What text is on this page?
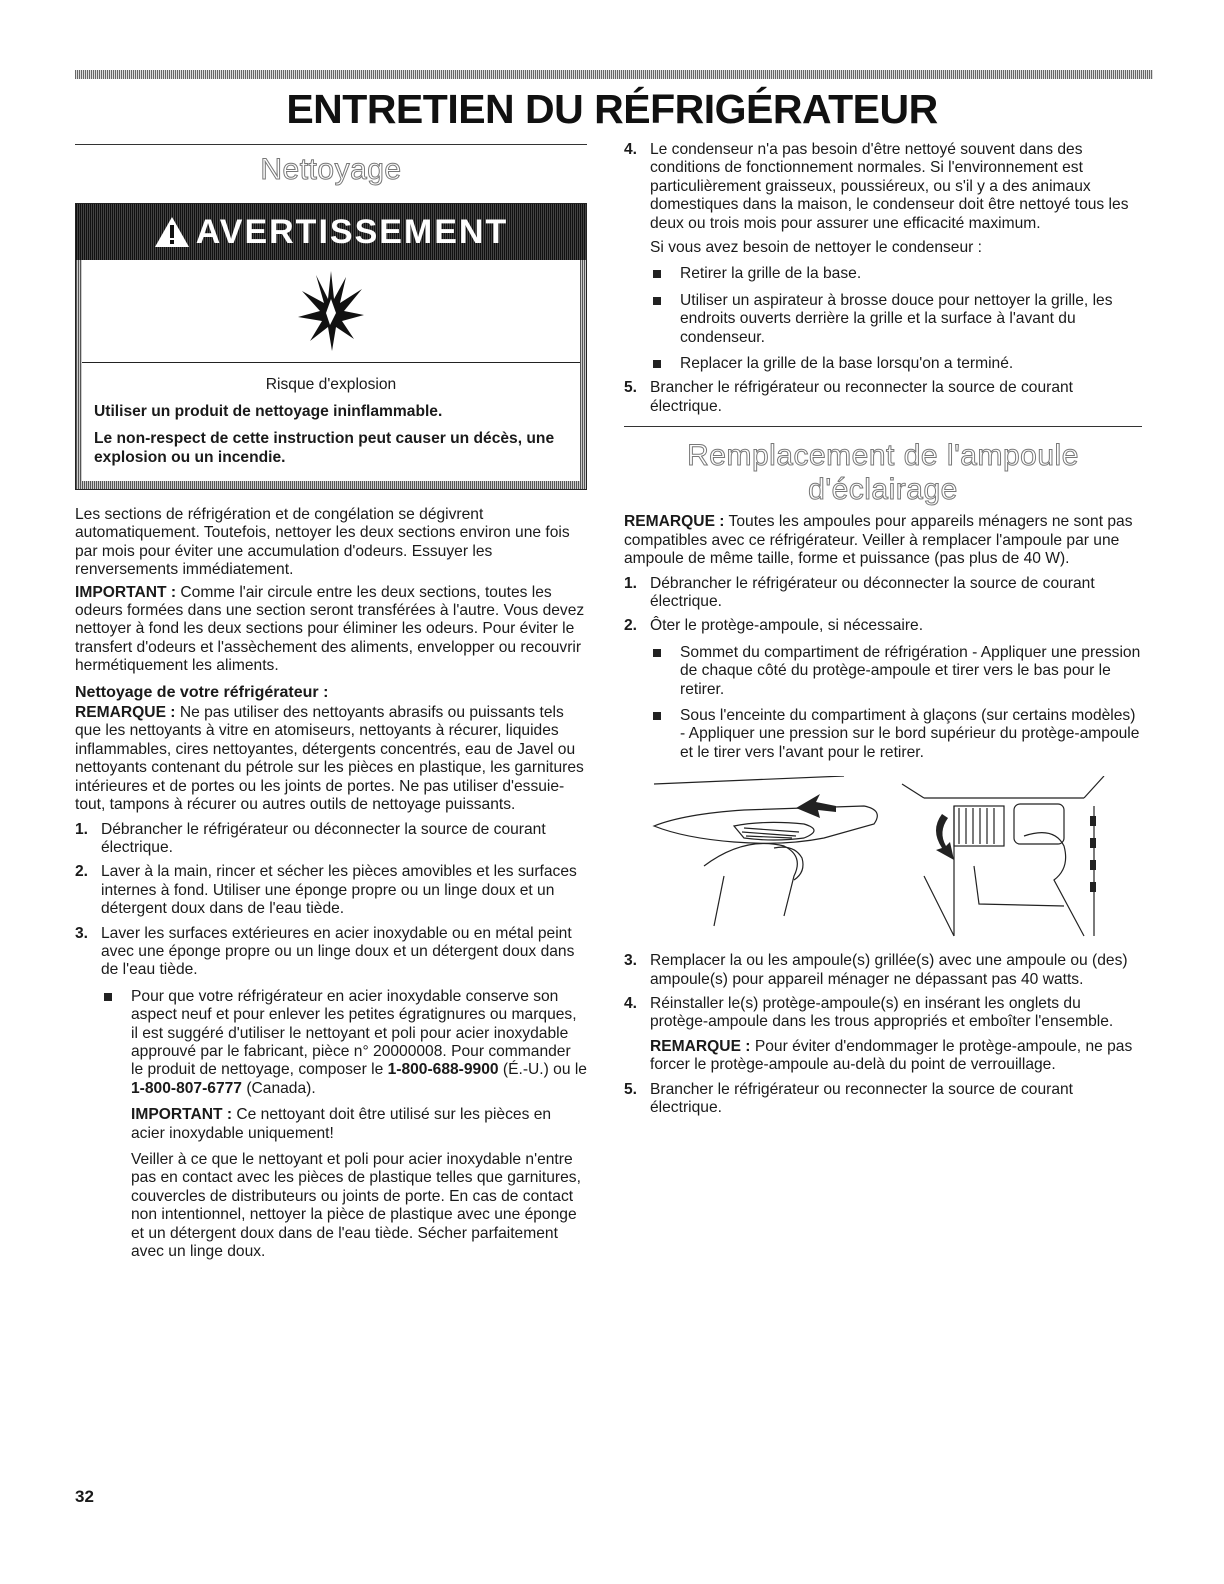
ENTRETIEN DU RÉFRIGÉRATEUR
Nettoyage
AVERTISSEMENT

Risque d'explosion

Utiliser un produit de nettoyage ininflammable.

Le non-respect de cette instruction peut causer un décès, une explosion ou un incendie.

Les sections de réfrigération et de congélation se dégivrent automatiquement. Toutefois, nettoyer les deux sections environ une fois par mois pour éviter une accumulation d'odeurs. Essuyer les renversements immédiatement.

IMPORTANT : Comme l'air circule entre les deux sections, toutes les odeurs formées dans une section seront transférées à l'autre. Vous devez nettoyer à fond les deux sections pour éliminer les odeurs. Pour éviter le transfert d'odeurs et l'assèchement des aliments, envelopper ou recouvrir hermétiquement les aliments.

Nettoyage de votre réfrigérateur :

REMARQUE : Ne pas utiliser des nettoyants abrasifs ou puissants tels que les nettoyants à vitre en atomiseurs, nettoyants à récurer, liquides inflammables, cires nettoyantes, détergents concentrés, eau de Javel ou nettoyants contenant du pétrole sur les pièces en plastique, les garnitures intérieures et de portes ou les joints de portes. Ne pas utiliser d'essuie-tout, tampons à récurer ou autres outils de nettoyage puissants.

1. Débrancher le réfrigérateur ou déconnecter la source de courant électrique.
2. Laver à la main, rincer et sécher les pièces amovibles et les surfaces internes à fond. Utiliser une éponge propre ou un linge doux et un détergent doux dans de l'eau tiède.
3. Laver les surfaces extérieures en acier inoxydable ou en métal peint avec une éponge propre ou un linge doux et un détergent doux dans de l'eau tiède.
Pour que votre réfrigérateur en acier inoxydable conserve son aspect neuf et pour enlever les petites égratignures ou marques, il est suggéré d'utiliser le nettoyant et poli pour acier inoxydable approuvé par le fabricant, pièce n° 20000008. Pour commander le produit de nettoyage, composer le 1-800-688-9900 (É.-U.) ou le 1-800-807-6777 (Canada).

IMPORTANT : Ce nettoyant doit être utilisé sur les pièces en acier inoxydable uniquement!

Veiller à ce que le nettoyant et poli pour acier inoxydable n'entre pas en contact avec les pièces de plastique telles que garnitures, couvercles de distributeurs ou joints de porte. En cas de contact non intentionnel, nettoyer la pièce de plastique avec une éponge et un détergent doux dans de l'eau tiède. Sécher parfaitement avec un linge doux.

4. Le condenseur n'a pas besoin d'être nettoyé souvent dans des conditions de fonctionnement normales. Si l'environnement est particulièrement graisseux, poussiéreux, ou s'il y a des animaux domestiques dans la maison, le condenseur doit être nettoyé tous les deux ou trois mois pour assurer une efficacité maximum.

Si vous avez besoin de nettoyer le condenseur :

Retirer la grille de la base.
Utiliser un aspirateur à brosse douce pour nettoyer la grille, les endroits ouverts derrière la grille et la surface à l'avant du condenseur.
Replacer la grille de la base lorsqu'on a terminé.
5. Brancher le réfrigérateur ou reconnecter la source de courant électrique.
Remplacement de l'ampoule
d'éclairage

REMARQUE : Toutes les ampoules pour appareils ménagers ne sont pas compatibles avec ce réfrigérateur. Veiller à remplacer l'ampoule par une ampoule de même taille, forme et puissance (pas plus de 40 W).

1. Débrancher le réfrigérateur ou déconnecter la source de courant électrique.
2. Ôter le protège-ampoule, si nécessaire.
Sommet du compartiment de réfrigération - Appliquer une pression de chaque côté du protège-ampoule et tirer vers le bas pour le retirer.
Sous l'enceinte du compartiment à glaçons (sur certains modèles) - Appliquer une pression sur le bord supérieur du protège-ampoule et le tirer vers l'avant pour le retirer.
3. Remplacer la ou les ampoule(s) grillée(s) avec une ampoule ou (des) ampoule(s) pour appareil ménager ne dépassant pas 40 watts.
4. Réinstaller le(s) protège-ampoule(s) en insérant les onglets du protège-ampoule dans les trous appropriés et emboîter l'ensemble.

REMARQUE : Pour éviter d'endommager le protège-ampoule, ne pas forcer le protège-ampoule au-delà du point de verrouillage.

5. Brancher le réfrigérateur ou reconnecter la source de courant électrique.
32
